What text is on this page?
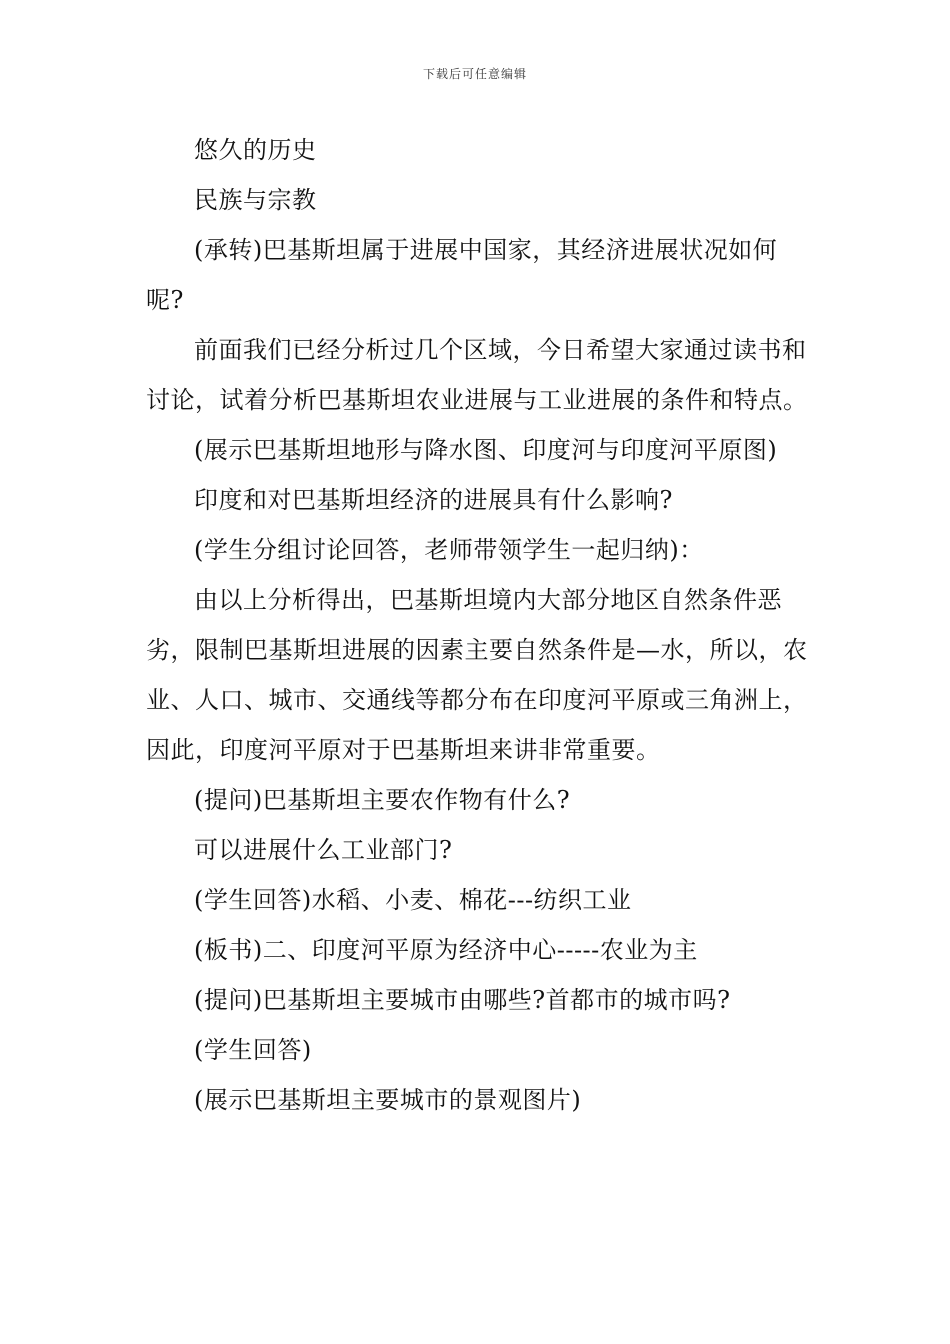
下载后可任意编辑

悠久的历史

民族与宗教

(承转)巴基斯坦属于进展中国家，其经济进展状况如何呢?

前面我们已经分析过几个区域，今日希望大家通过读书和讨论，试着分析巴基斯坦农业进展与工业进展的条件和特点。

(展示巴基斯坦地形与降水图、印度河与印度河平原图)

印度和对巴基斯坦经济的进展具有什么影响?

(学生分组讨论回答，老师带领学生一起归纳)：

由以上分析得出，巴基斯坦境内大部分地区自然条件恶劣，限制巴基斯坦进展的因素主要自然条件是—水，所以，农业、人口、城市、交通线等都分布在印度河平原或三角洲上，因此，印度河平原对于巴基斯坦来讲非常重要。

(提问)巴基斯坦主要农作物有什么?

可以进展什么工业部门?

(学生回答)水稻、小麦、棉花---纺织工业

(板书)二、印度河平原为经济中心-----农业为主

(提问)巴基斯坦主要城市由哪些?首都市的城市吗?

(学生回答)

(展示巴基斯坦主要城市的景观图片)
